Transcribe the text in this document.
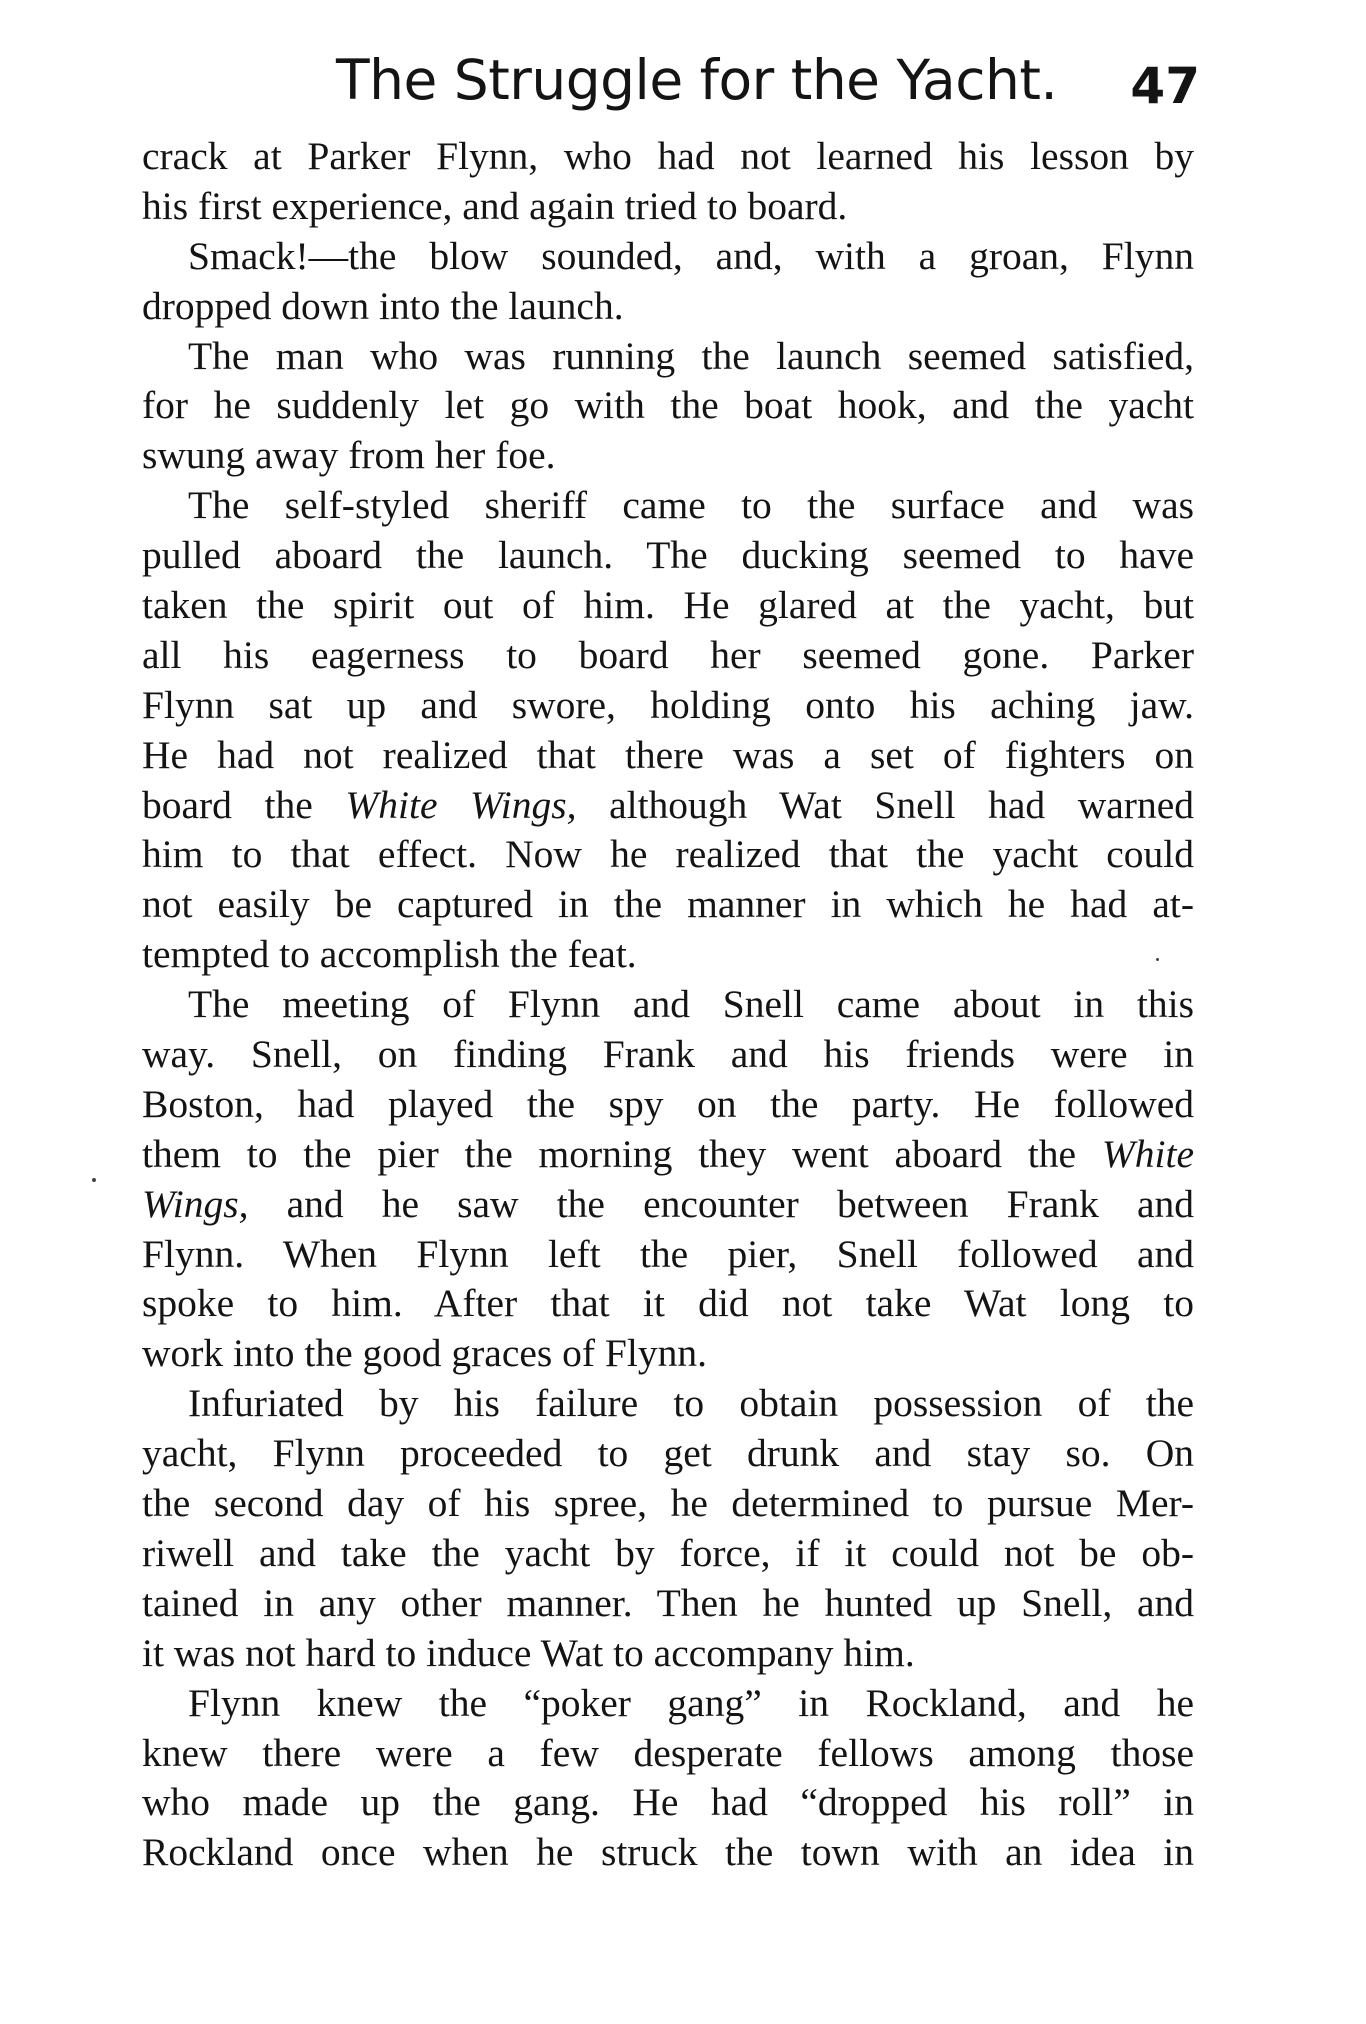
The Struggle for the Yacht. 47
crack at Parker Flynn, who had not learned his lesson by
his first experience, and again tried to board.
Smack!—the blow sounded, and, with a groan, Flynn
dropped down into the launch.
The man who was running the launch seemed satisfied,
for he suddenly let go with the boat hook, and the yacht
swung away from her foe.
The self-styled sheriff came to the surface and was
pulled aboard the launch. The ducking seemed to have
taken the spirit out of him. He glared at the yacht, but
all his eagerness to board her seemed gone. Parker
Flynn sat up and swore, holding onto his aching jaw.
He had not realized that there was a set of fighters on
board the White Wings, although Wat Snell had warned
him to that effect. Now he realized that the yacht could
not easily be captured in the manner in which he had at-
tempted to accomplish the feat.
The meeting of Flynn and Snell came about in this
way. Snell, on finding Frank and his friends were in
Boston, had played the spy on the party. He followed
them to the pier the morning they went aboard the White
Wings, and he saw the encounter between Frank and
Flynn. When Flynn left the pier, Snell followed and
spoke to him. After that it did not take Wat long to
work into the good graces of Flynn.
Infuriated by his failure to obtain possession of the
yacht, Flynn proceeded to get drunk and stay so. On
the second day of his spree, he determined to pursue Mer-
riwell and take the yacht by force, if it could not be ob-
tained in any other manner. Then he hunted up Snell, and
it was not hard to induce Wat to accompany him.
Flynn knew the “poker gang” in Rockland, and he
knew there were a few desperate fellows among those
who made up the gang. He had “dropped his roll” in
Rockland once when he struck the town with an idea in
